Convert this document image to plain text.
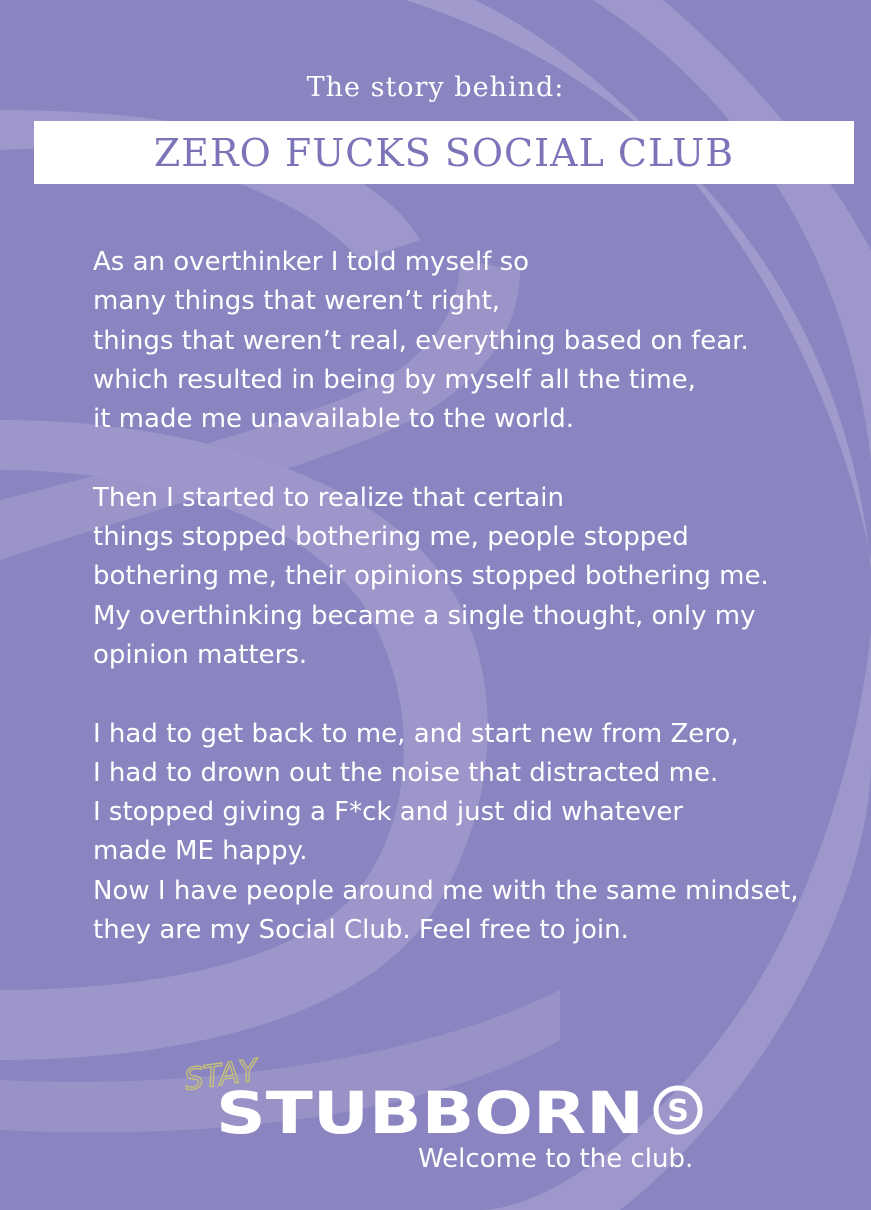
The story behind:
ZERO FUCKS SOCIAL CLUB
As an overthinker I told myself so
many things that weren’t right,
things that weren’t real, everything based on fear.
which resulted in being by myself all the time,
it made me unavailable to the world.
Then I started to realize that certain
things stopped bothering me, people stopped
bothering me, their opinions stopped bothering me.
My overthinking became a single thought, only my
opinion matters.
I had to get back to me, and start new from Zero,
I had to drown out the noise that distracted me.
I stopped giving a F*ck and just did whatever
made ME happy.
Now I have people around me with the same mindset,
they are my Social Club. Feel free to join.
STAY
STUBBORN S
Welcome to the club.
